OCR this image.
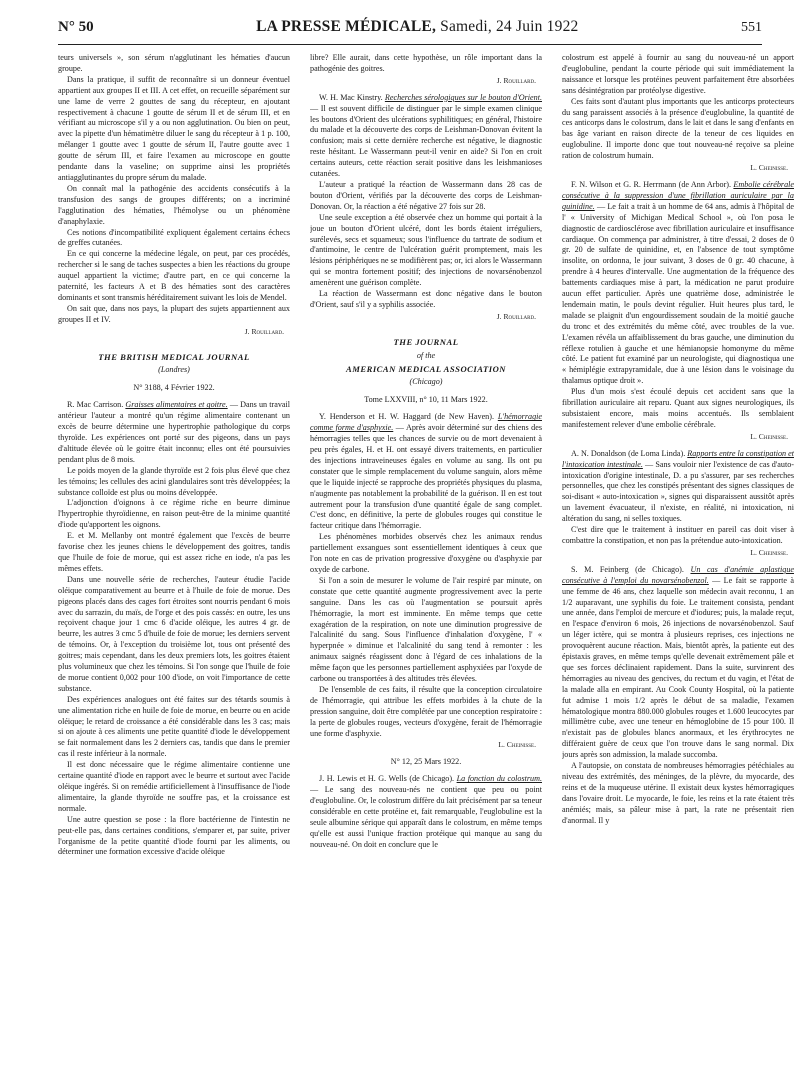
N° 50	LA PRESSE MÉDICALE, Samedi, 24 Juin 1922	551

teurs universels », son sérum n'agglutinant les hématies d'aucun groupe.

Dans la pratique, il suffit de reconnaître si un donneur éventuel appartient aux groupes II et III. A cet effet, on recueille séparément sur une lame de verre 2 gouttes de sang du récepteur, en ajoutant respectivement à chacune 1 goutte de sérum II et de sérum III, et en vérifiant au microscope s'il y a ou non agglutination. Ou bien on peut, avec la pipette d'un hématimètre diluer le sang du récepteur à 1 p. 100, mélanger 1 goutte avec 1 goutte de sérum II, l'autre goutte avec 1 goutte de sérum III, et faire l'examen au microscope en goutte pendante dans la vaseline; on supprime ainsi les propriétés antiagglutinantes du propre sérum du malade.

On connaît mal la pathogénie des accidents consécutifs à la transfusion des sangs de groupes différents; on a incriminé l'agglutination des hématies, l'hémolyse ou un phénomène d'anaphylaxie.

Ces notions d'incompatibilité expliquent également certains échecs de greffes cutanées.

En ce qui concerne la médecine légale, on peut, par ces procédés, rechercher si le sang de taches suspectes a bien les réactions du groupe auquel appartient la victime; d'autre part, en ce qui concerne la paternité, les facteurs A et B des hématies sont des caractères dominants et sont transmis héréditairement suivant les lois de Mendel.

On sait que, dans nos pays, la plupart des sujets appartiennent aux groupes II et IV.

J. Rouillard.
THE BRITISH MEDICAL JOURNAL
(Londres)
N° 3188, 4 Février 1922.

R. Mac Carrison. Graisses alimentaires et goitre. — Dans un travail antérieur l'auteur a montré qu'un régime alimentaire contenant un excès de beurre détermine une hypertrophie pathologique du corps thyroïde. Les expériences ont porté sur des pigeons, dans un pays d'altitude élevée où le goitre était inconnu; elles ont été poursuivies pendant plus de 8 mois.

Le poids moyen de la glande thyroïde est 2 fois plus élevé que chez les témoins; les cellules des acini glandulaires sont très développées; la substance colloïde est plus ou moins développée.

L'adjonction d'oignons à ce régime riche en beurre diminue l'hypertrophie thyroïdienne, en raison peut-être de la minime quantité d'iode qu'apportent les oignons.

E. et M. Mellanby ont montré également que l'excès de beurre favorise chez les jeunes chiens le développement des goitres, tandis que l'huile de foie de morue, qui est assez riche en iode, n'a pas les mêmes effets.

Dans une nouvelle série de recherches, l'auteur étudie l'acide oléique comparativement au beurre et à l'huile de foie de morue. Des pigeons placés dans des cages fort étroites sont nourris pendant 6 mois avec du sarrazin, du maïs, de l'orge et des pois cassés: en outre, les uns reçoivent chaque jour 1 cmc 6 d'acide oléique, les autres 4 gr. de beurre, les autres 3 cmc 5 d'huile de foie de morue; les derniers servent de témoins. Or, à l'exception du troisième lot, tous ont présenté des goitres; mais cependant, dans les deux premiers lots, les goitres étaient plus volumineux que chez les témoins. Si l'on songe que l'huile de foie de morue contient 0,002 pour 100 d'iode, on voit l'importance de cette substance.

Des expériences analogues ont été faites sur des tétards soumis à une alimentation riche en huile de foie de morue, en beurre ou en acide oléique; le retard de croissance a été considérable dans les 3 cas; mais si on ajoute à ces aliments une petite quantité d'iode le développement se fait normalement dans les 2 derniers cas, tandis que dans le premier cas il reste inférieur à la normale.

Il est donc nécessaire que le régime alimentaire contienne une certaine quantité d'iode en rapport avec le beurre et surtout avec l'acide oléique ingérés. Si on remédie artificiellement à l'insuffisance de l'iode alimentaire, la glande thyroïde ne souffre pas, et la croissance est normale.

Une autre question se pose : la flore bactérienne de l'intestin ne peut-elle pas, dans certaines conditions, s'emparer et, par suite, priver l'organisme de la petite quantité d'iode fourni par les aliments, ou déterminer une formation excessive d'acide oléique

libre? Elle aurait, dans cette hypothèse, un rôle important dans la pathogénie des goitres.

J. Rouillard.

W. H. Mac Kinstry. Recherches sérologiques sur le bouton d'Orient. — Il est souvent difficile de distinguer par le simple examen clinique les boutons d'Orient des ulcérations syphilitiques; en général, l'histoire du malade et la découverte des corps de Leishman-Donovan évitent la confusion; mais si cette dernière recherche est négative, le diagnostic reste hésitant. Le Wassermann peut-il venir en aide? Si l'on en croit certains auteurs, cette réaction serait positive dans les leishmanioses cutanées.

L'auteur a pratiqué la réaction de Wassermann dans 28 cas de bouton d'Orient, vérifiés par la découverte des corps de Leishman-Donovan. Or, la réaction a été négative 27 fois sur 28.

Une seule exception a été observée chez un homme qui portait à la joue un bouton d'Orient ulcéré, dont les bords étaient irréguliers, surélevés, secs et squameux; sous l'influence du tartrate de sodium et d'antimoine, le centre de l'ulcération guérit promptement, mais les lésions périphériques ne se modifièrent pas; or, ici alors le Wassermann qui se montra fortement positif; des injections de novarsénobenzol amenèrent une guérison complète.

La réaction de Wassermann est donc négative dans le bouton d'Orient, sauf s'il y a syphilis associée.

J. Rouillard.
THE JOURNAL
of the
AMERICAN MEDICAL ASSOCIATION
(Chicago)
Tome LXXVIII, n° 10, 11 Mars 1922.

Y. Henderson et H. W. Haggard (de New Haven). L'hémorragie comme forme d'asphyxie. — Après avoir déterminé sur des chiens des hémorragies telles que les chances de survie ou de mort devenaient à peu près égales, H. et H. ont essayé divers traitements, en particulier des injections intraveineuses égales en volume au sang. Ils ont pu constater que le simple remplacement du volume sanguin, alors même que le liquide injecté se rapproche des propriétés physiques du plasma, n'augmente pas notablement la probabilité de la guérison. Il en est tout autrement pour la transfusion d'une quantité égale de sang complet. C'est donc, en définitive, la perte de globules rouges qui constitue le facteur critique dans l'hémorragie.

Les phénomènes morbides observés chez les animaux rendus partiellement exsangues sont essentiellement identiques à ceux que l'on note en cas de privation progressive d'oxygène ou d'asphyxie par oxyde de carbone.

Si l'on a soin de mesurer le volume de l'air respiré par minute, on constate que cette quantité augmente progressivement avec la perte sanguine. Dans les cas où l'augmentation se poursuit après l'hémorragie, la mort est imminente. En même temps que cette exagération de la respiration, on note une diminution progressive de l'alcalinité du sang. Sous l'influence d'inhalation d'oxygène, l' « hyperpnée » diminue et l'alcalinité du sang tend à remonter : les animaux saignés réagissent donc à l'égard de ces inhalations de la même façon que les personnes partiellement asphyxiées par l'oxyde de carbone ou transportées à des altitudes très élevées.

De l'ensemble de ces faits, il résulte que la conception circulatoire de l'hémorragie, qui attribue les effets morbides à la chute de la pression sanguine, doit être complétée par une conception respiratoire : la perte de globules rouges, vecteurs d'oxygène, ferait de l'hémorragie une forme d'asphyxie.

L. Cheinisse.
N° 12, 25 Mars 1922.

J. H. Lewis et H. G. Wells (de Chicago). La fonction du colostrum. — Le sang des nouveau-nés ne contient que peu ou point d'euglobuline. Or, le colostrum diffère du lait précisément par sa teneur considérable en cette protéine et, fait remarquable, l'euglobuline est la seule albumine sérique qui apparaît dans le colostrum, en même temps qu'elle est aussi l'unique fraction protéique qui manque au sang du nouveau-né. On doit en conclure que le

colostrum est appelé à fournir au sang du nouveau-né un apport d'euglobuline, pendant la courte période qui suit immédiatement la naissance et lorsque les protéines peuvent parfaitement être absorbées sans désintégration par protéolyse digestive.

Ces faits sont d'autant plus importants que les anticorps protecteurs du sang paraissent associés à la présence d'euglobuline, la quantité de ces anticorps dans le colostrum, dans le lait et dans le sang d'enfants en bas âge variant en raison directe de la teneur de ces liquides en euglobuline. Il importe donc que tout nouveau-né reçoive sa pleine ration de colostrum humain.

L. Cheinisse.

F. N. Wilson et G. R. Herrmann (de Ann Arbor). Embolie cérébrale consécutive à la suppression d'une fibrillation auriculaire par la quinidine. — Le fait a trait à un homme de 64 ans, admis à l'hôpital de l' « University of Michigan Medical School », où l'on posa le diagnostic de cardiosclérose avec fibrillation auriculaire et insuffisance cardiaque. On commença par administrer, à titre d'essai, 2 doses de 0 gr. 20 de sulfate de quinidine, et, en l'absence de tout symptôme insolite, on ordonna, le jour suivant, 3 doses de 0 gr. 40 chacune, à prendre à 4 heures d'intervalle. Une augmentation de la fréquence des battements cardiaques mise à part, la médication ne parut produire aucun effet particulier. Après une quatrième dose, administrée le lendemain matin, le pouls devint régulier. Huit heures plus tard, le malade se plaignit d'un engourdissement soudain de la moitié gauche du tronc et des extrémités du même côté, avec troubles de la vue. L'examen révéla un affaiblissement du bras gauche, une diminution du réflexe rotulien à gauche et une hémianopsie homonyme du même côté. Le patient fut examiné par un neurologiste, qui diagnostiqua une « hémiplégie extrapyramidale, due à une lésion dans le voisinage du thalamus optique droit ».

Plus d'un mois s'est écoulé depuis cet accident sans que la fibrillation auriculaire ait reparu. Quant aux signes neurologiques, ils subsistaient encore, mais moins accentués. Ils semblaient manifestement relever d'une embolie cérébrale.

L. Cheinisse.

A. N. Donaldson (de Loma Linda). Rapports entre la constipation et l'intoxication intestinale. — Sans vouloir nier l'existence de cas d'auto-intoxication d'origine intestinale, D. a pu s'assurer, par ses recherches personnelles, que chez les constipés présentant des signes classiques de soi-disant « auto-intoxication », signes qui disparaissent aussitôt après un lavement évacuateur, il n'existe, en réalité, ni intoxication, ni altération du sang, ni selles toxiques.

C'est dire que le traitement à instituer en pareil cas doit viser à combattre la constipation, et non pas la prétendue auto-intoxication.

L. Cheinisse.

S. M. Feinberg (de Chicago). Un cas d'anémie aplastique consécutive à l'emploi du novarsénobenzol. — Le fait se rapporte à une femme de 46 ans, chez laquelle son médecin avait reconnu, 1 an 1/2 auparavant, une syphilis du foie. Le traitement consista, pendant une année, dans l'emploi de mercure et d'iodures; puis, la malade reçut, en l'espace d'environ 6 mois, 26 injections de novarsénobenzol. Sauf un léger ictère, qui se montra à plusieurs reprises, ces injections ne provoquèrent aucune réaction. Mais, bientôt après, la patiente eut des épistaxis graves, en même temps qu'elle devenait extrêmement pâle et que ses forces déclinaient rapidement. Dans la suite, survinrent des hémorragies au niveau des gencives, du rectum et du vagin, et l'état de la malade alla en empirant. Au Cook County Hospital, où la patiente fut admise 1 mois 1/2 après le début de sa maladie, l'examen hématologique montra 880.000 globules rouges et 1.600 leucocytes par millimètre cube, avec une teneur en hémoglobine de 15 pour 100. Il n'existait pas de globules blancs anormaux, et les érythrocytes ne différaient guère de ceux que l'on trouve dans le sang normal. Dix jours après son admission, la malade succomba.

A l'autopsie, on constata de nombreuses hémorragies pétéchiales au niveau des extrémités, des méninges, de la plèvre, du myocarde, des reins et de la muqueuse utérine. Il existait deux kystes hémorragiques dans l'ovaire droit. Le myocarde, le foie, les reins et la rate étaient très anémiés; mais, sa pâleur mise à part, la rate ne présentait rien d'anormal. Il y
